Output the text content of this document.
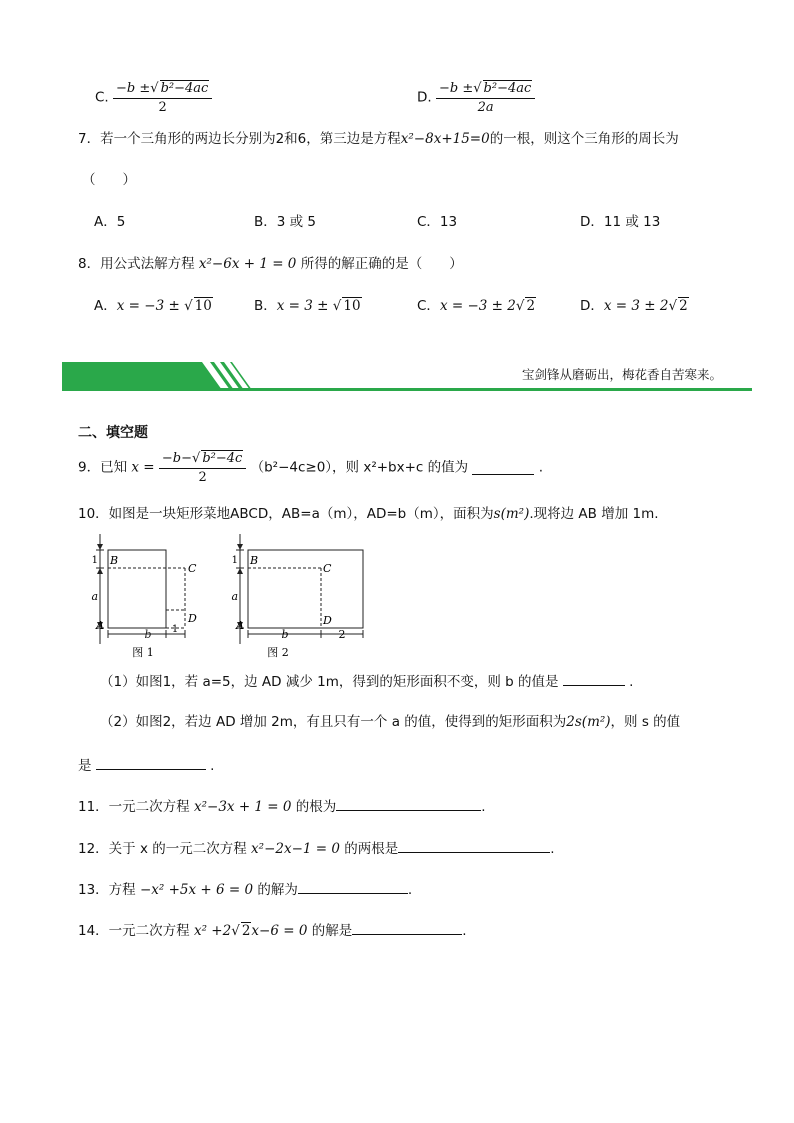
C. $\frac{\text{−b ±√ b²−4ac}}{2}$	D. $\frac{\text{−b ±√ b²−4ac}}{2a}$
7．若一个三角形的两边长分别为2和6，第三边是方程x²−8x+15=0的一根，则这个三角形的周长为
（　　）
A．5	B．3 或 5	C．13	D．11 或 13
8．用公式法解方程 x²−6x + 1 = 0 所得的解正确的是（　　）
A．x = −3 ± √ 10	B．x = 3 ± √ 10	C．x = −3 ± 2√ 2	D．x = 3 ± 2√ 2
宝剑锋从磨砺出，梅花香自苦寒来。
二、填空题
9．已知 $x = \frac{\text{−b−√ b²−4c}}{2} (b^2-4c\ge 0)$，则 x²+bx+c 的值为	.
10．如图是一块矩形菜地ABCD，AB=a（m），AD=b（m），面积为s(m²).现将边 AB 增加 1m.
1
a
b 1
B
C
D
A
图 1
1
a
b	2
B
C
D
A
图 2
（1）如图1，若 a=5，边 AD 减少 1m，得到的矩形面积不变，则 b 的值是	.
（2）如图2，若边 AD 增加 2m，有且只有一个 a 的值，使得到的矩形面积为2s(m²)，则 s 的值
是	.
11．一元二次方程 x²−3x + 1 = 0 的根为	.
12．关于 x 的一元二次方程 x²−2x−1 = 0 的两根是	.
13．方程 −x² +5x + 6 = 0 的解为	.
14．一元二次方程 x² +2√ 2x−6 = 0 的解是	.
